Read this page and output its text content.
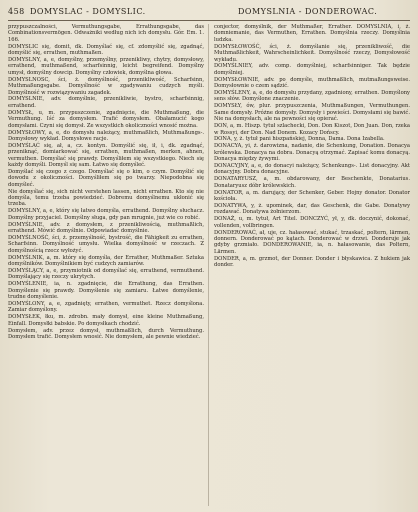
458 DOMYSLAC - DOMYSLIC.	DOMYSLNIA - DONDEROWAC.

przypuszczalności, Vermuthungsgabe, Errathungsgabe, das Combinationsvermögen. Odważniki według nich ich domysłu. Gór. Em. 1. 166.

DOMYSLIC się, domit, dk. Domyślać się, cf. zdomyślić się, zgadnąć, domyślić się, errathen, muthmaßen.

DOMYSLNY, a, e, domyślny, przemyślny, przenikliwy, chytry, domysłowy, errathend, muthmaßend, scharfsinnig, leicht begreifend. Domyślny umysł, domyślny dowcip. Domyślny człowiek, domyślna głowa.

DOMYSLNOSC, ści, ż. domyślność, przenikliwość, Scharfsinn, Muthmaßungsgabe. Domyślność w zgadywaniu cudzych myśli. Domyślność w rozwiązywaniu zagadek.

DOMYSLNIE, adv. domyślnie, przenikliwie, bystro, scharfsinnig, errathend.

DOMYSŁ, u, m. przypuszczenie, zgadnięcie, die Muthmaßung, die Vermuthung. Iść za domysłem. Trafić domysłem. Obałamucić kogo domysłami. Czyni się domysł. Ze wszystkich okoliczności wnosić można.

DOMYSŁOWY, a, e, do domysłu należący, muthmaßlich, Muthmaßungs-. Domysłowy wykład. Domysłowe racje.

DOMYŚLAĆ się, ał, a, cz. kontyn. Domyślić się, ił, i, dk. zgadnąć, przeniknąć, domiarkować się, errathen, muthmaßen, merken, ahnen, vermuthen. Domyślać się prawdy. Domyśliłem się wszystkiego. Niech się każdy domyśli. Domyśl się sam. Łatwo się domyśleć.

Domyślać się czego z czego. Domyślać się o kim, o czym. Domyślić się dowodu z okoliczności. Domyśliłem się po twarzy. Niepodobna się domyśleć.

Nie domyślać się, sich nicht verstehen lassen, nicht errathen. Kto się nie domyśla, temu trzeba powiedzieć. Dobremu domyślnemu ukłonić się trzeba.

DOMYSLNY, a, e, który się łatwo domyśla, errathend. Domyślny słuchacz. Domyślny przyjaciel. Domyślny sługa, gdy pan mrugnie, już wie co robić.

DOMYŚLNIE, adv. z domysłem, z przenikliwością, muthmaßlich, errathend. Mówić domyślnie. Odpowiadać domyślnie.

DOMYŚLNOŚĆ, ści, ż. przemyślność, bystrość, die Fähigkeit zu errathen, Scharfsinn. Domyślność umysłu. Wielka domyślność w rzeczach. Z domyślnością rzecz wyłożyć.

DOMYŚLNIK, a, m. który się domyśla, der Errather, Muthmaßer. Sztuka domyślników. Domyślnikiem być cudzych zamiarów.

DOMYŚLĄCY, a, e, przymiotnik od domyślać się, errathend, vermuthend. Domyślający się rzeczy ukrytych.

DOMYŚLENIE, ia, n. zgadnięcie, die Errathung, das Errathen. Domyślenie się prawdy. Domyślenie się zamiaru. Łatwe domyślenie, trudne domyślenie.

DOMYŚLONY, a, e, zgadnięty, errathen, vermuthet. Rzecz domyślona. Zamiar domyślony.

DOMYSŁEK, łku, m. zdrobn. mały domysł, eine kleine Muthmaßung, Einfall. Domysłki babskie. Po domysłkach chodzić.

Domysłem, adv. przez domysł, muthmaßlich, durch Vermuthung. Domysłem trafić. Domysłem wnosić. Nie domysłem, ale pewnie wiedzieć.

conjector, domyślnik, der Muthmaßer, Errather. DOMYSLNIA, i, ż. domniemanie, das Vermuthen, Errathen. Domyślnia rzeczy. Domyślnia ludzka.

DOMYSŁOWOŚĆ, ści, ż. domyślanie się, przenikliwość, die Muthmaßlichkeit, Wahrscheinlichkeit. Domyślność rzeczy, Domysłowość wykładu.

DOMYŚLNIEY, adv. comp. domyślniej, scharfsinniger. Tak będzie domyślniej.

DOMYSŁOWNIE, adv. po domyśle, muthmaßlich, mutmaßungsweise. Domysłownie o czem sądzić.

DOMYŚLENY, a, e, do domysłu przydany, zgadniony, errathen. Domyślony sens słów. Domyślone znaczenie.

DOMYSŁY, ów, plur. przypuszczenia, Muthmaßungen, Vermuthungen. Same domysły. Próżne domysły. Domysły i powieści. Domysłami się bawić. Nie na domysłach, ale na pewności się opierać.

DON, a, m. Hiszp. tytuł szlachecki, Don. Don Kiszot, Don Juan. Don, rzeka w Rossyi, der Don. Nad Donem. Kozacy Dońscy.

DONA, y, ż. tytuł pani hiszpańskiej, Donna, Dama. Dona Izabella.

DONACYA, yi, ż. darowizna, nadanie, die Schenkung, Donation. Donacya królewska. Donacya na dobra. Donacyą otrzymać. Zapisać komu donacyą. Donacya między żywymi.

DONACYJNY, a, e, do donacyi należący, Schenkungs-. List donacyjny. Akt donacyjny. Dobra donacyjne.

DONATARYUSZ, a, m. obdarowany, der Beschenkte, Donatarius. Donataryusz dóbr królewskich.

DONATOR, a, m. darujący, der Schenker, Geber. Hojny donator. Donator kościoła.

DONATYWA, y, ż. upominek, dar, das Geschenk, die Gabe. Donatywy rozdawać. Donatywa żołnierzom.

DONAŻ, u, m. tytuł, Art Titel. DONCZYĆ, ył, y, dk. doczynić, dokonać, vollenden, vollbringen.

DONDEROWAĆ, ał, uje, cz. hałasować, stukać, trzaskać, poltern, lärmen, donnern. Donderować po kątach. Donderować w drzwi. Donderuje jak gdyby grzmiało. DONDEROWANIE, ia, n. hałasowanie, das Poltern, Lärmen.

DONDER, a, m. grzmot, der Donner. Donder i błyskawica. Z hukiem jak donder.
